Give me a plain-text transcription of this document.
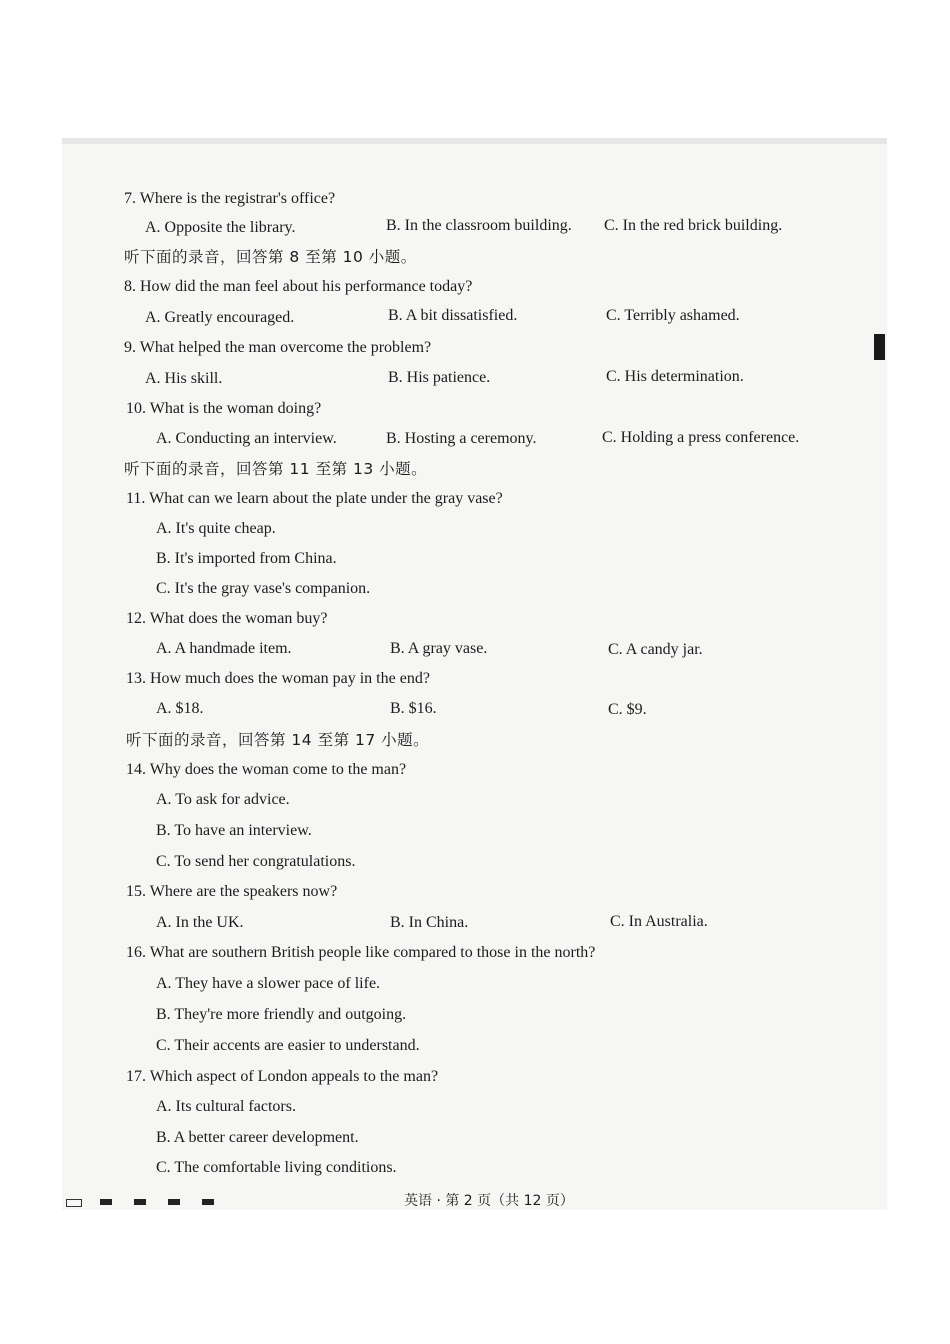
7. Where is the registrar's office?
A. Opposite the library.	B. In the classroom building. C. In the red brick building.
听下面的录音，回答第 8 至第 10 小题。
8. How did the man feel about his performance today?
A. Greatly encouraged.	B. A bit dissatisfied.	C. Terribly ashamed.
9. What helped the man overcome the problem?
A. His skill.	B. His patience.	C. His determination.
10. What is the woman doing?
A. Conducting an interview.	B. Hosting a ceremony.	C. Holding a press conference.
听下面的录音，回答第 11 至第 13 小题。
11. What can we learn about the plate under the gray vase?
A. It's quite cheap.
B. It's imported from China.
C. It's the gray vase's companion.
12. What does the woman buy?
A. A handmade item.	B. A gray vase.	C. A candy jar.
13. How much does the woman pay in the end?
A. $18.	B. $16.	C. $9.
听下面的录音，回答第 14 至第 17 小题。
14. Why does the woman come to the man?
A. To ask for advice.
B. To have an interview.
C. To send her congratulations.
15. Where are the speakers now?
A. In the UK.	B. In China.	C. In Australia.
16. What are southern British people like compared to those in the north?
A. They have a slower pace of life.
B. They're more friendly and outgoing.
C. Their accents are easier to understand.
17. Which aspect of London appeals to the man?
A. Its cultural factors.
B. A better career development.
C. The comfortable living conditions.
英语 · 第 2 页（共 12 页）
